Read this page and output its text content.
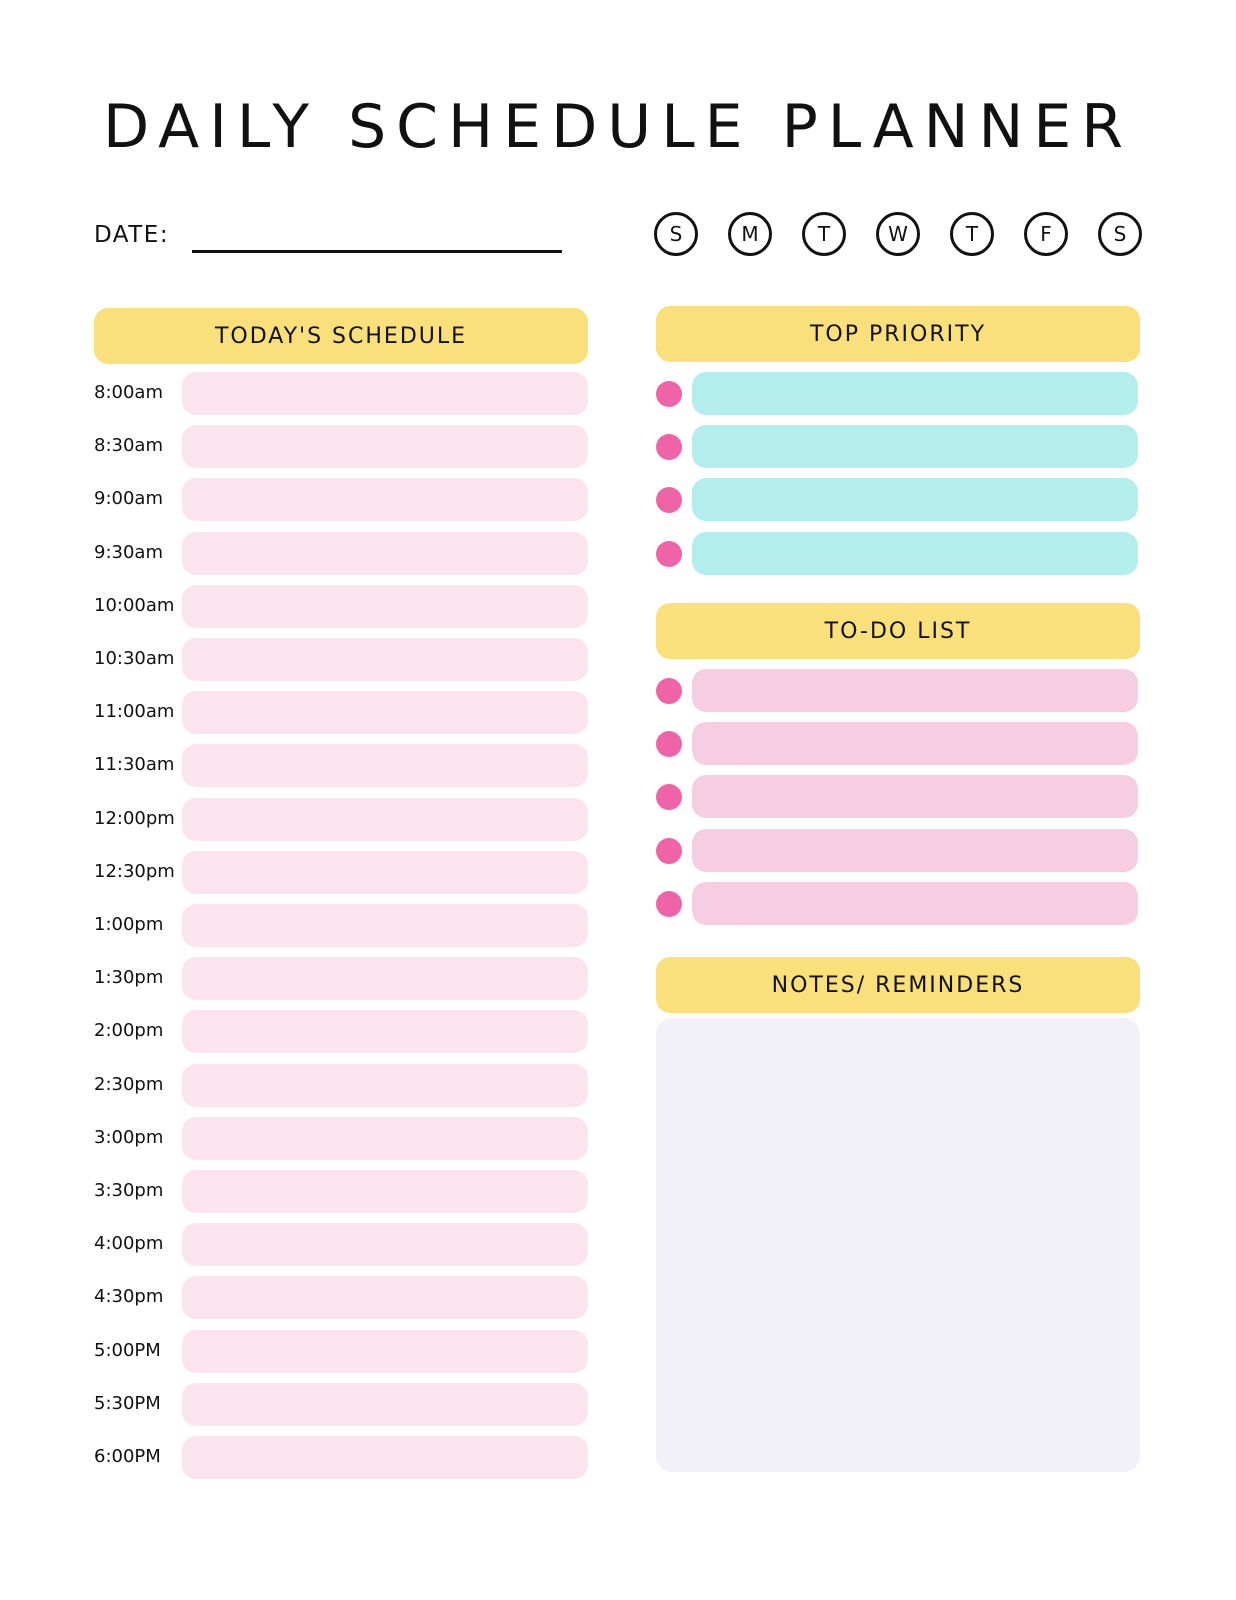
DAILY SCHEDULE PLANNER
DATE:	S	M	T	W	T	F	S
TODAY'S SCHEDULE
8:00am
8:30am
9:00am
9:30am
10:00am
10:30am
11:00am
11:30am
12:00pm
12:30pm
1:00pm
1:30pm
2:00pm
2:30pm
3:00pm
3:30pm
4:00pm
4:30pm
5:00PM
5:30PM
6:00PM
TOP PRIORITY
TO-DO LIST
NOTES/ REMINDERS
